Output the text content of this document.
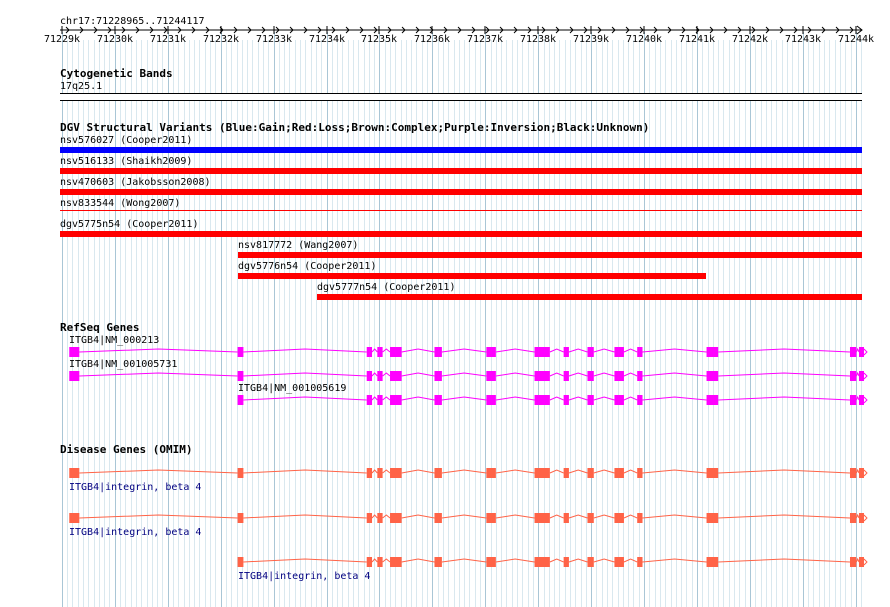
chr17:71228965..71244117
71229k 71230k 71231k 71232k 71233k 71234k 71235k 71236k 71237k 71238k 71239k 71240k 71241k 71242k 71243k 71244k
Cytogenetic Bands
17q25.1
DGV Structural Variants (Blue:Gain;Red:Loss;Brown:Complex;Purple:Inversion;Black:Unknown)
nsv576027 (Cooper2011)
nsv516133 (Shaikh2009)
nsv470603 (Jakobsson2008)
nsv833544 (Wong2007)
dgv5775n54 (Cooper2011)
nsv817772 (Wang2007)
dgv5776n54 (Cooper2011)
dgv5777n54 (Cooper2011)
RefSeq Genes
ITGB4|NM_000213
ITGB4|NM_001005731
ITGB4|NM_001005619
Disease Genes (OMIM)
ITGB4|integrin, beta 4
ITGB4|integrin, beta 4
ITGB4|integrin, beta 4
